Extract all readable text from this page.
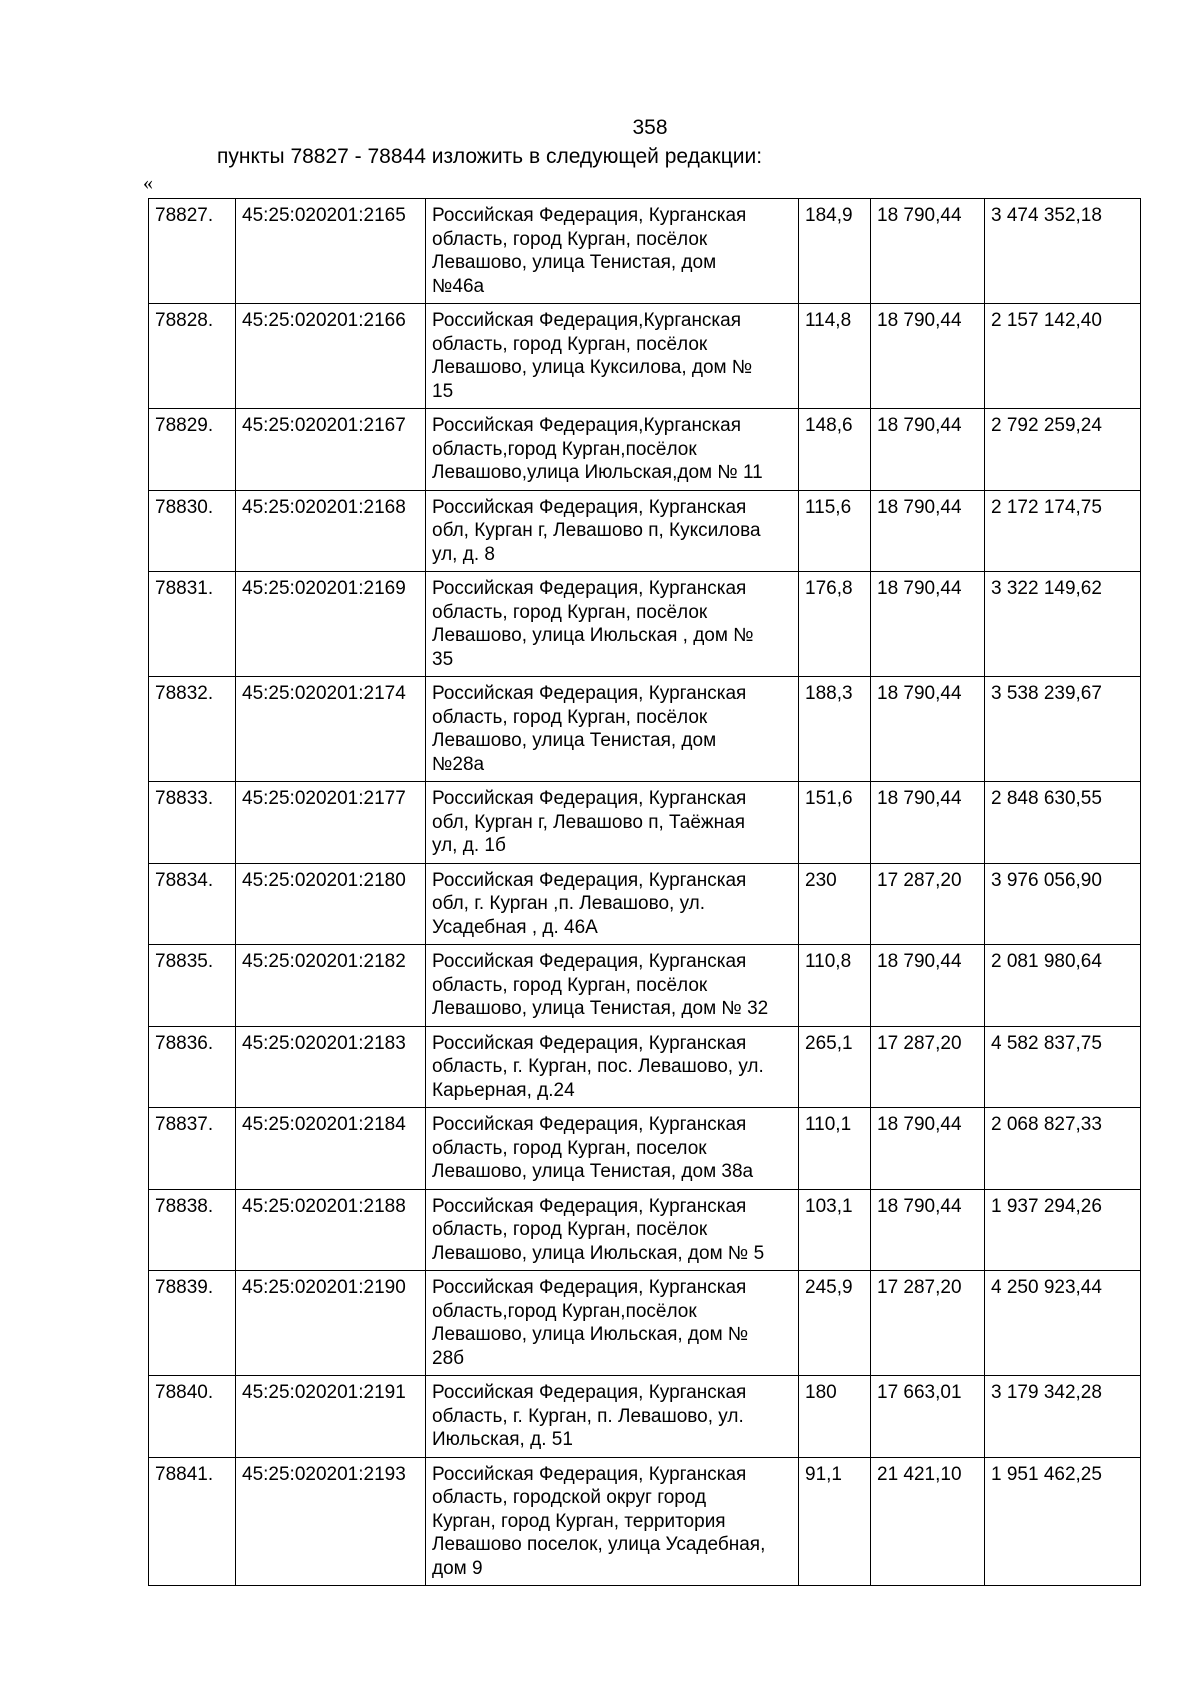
358
пункты 78827 - 78844 изложить в следующей редакции:
«
78827.	45:25:020201:2165	Российская Федерация, Курганская
область, город Курган, посёлок
Левашово, улица Тенистая, дом
№46а	184,9	18 790,44	3 474 352,18
78828.	45:25:020201:2166	Российская Федерация,Курганская
область, город Курган, посёлок
Левашово, улица Куксилова, дом №
15	114,8	18 790,44	2 157 142,40
78829.	45:25:020201:2167	Российская Федерация,Курганская
область,город Курган,посёлок
Левашово,улица Июльская,дом № 11	148,6	18 790,44	2 792 259,24
78830.	45:25:020201:2168	Российская Федерация, Курганская
обл, Курган г, Левашово п, Куксилова
ул, д. 8	115,6	18 790,44	2 172 174,75
78831.	45:25:020201:2169	Российская Федерация, Курганская
область, город Курган, посёлок
Левашово, улица Июльская , дом №
35	176,8	18 790,44	3 322 149,62
78832.	45:25:020201:2174	Российская Федерация, Курганская
область, город Курган, посёлок
Левашово, улица Тенистая, дом
№28а	188,3	18 790,44	3 538 239,67
78833.	45:25:020201:2177	Российская Федерация, Курганская
обл, Курган г, Левашово п, Таёжная
ул, д. 1б	151,6	18 790,44	2 848 630,55
78834.	45:25:020201:2180	Российская Федерация, Курганская
обл, г. Курган ,п. Левашово, ул.
Усадебная , д. 46А	230	17 287,20	3 976 056,90
78835.	45:25:020201:2182	Российская Федерация, Курганская
область, город Курган, посёлок
Левашово, улица Тенистая, дом № 32	110,8	18 790,44	2 081 980,64
78836.	45:25:020201:2183	Российская Федерация, Курганская
область, г. Курган, пос. Левашово, ул.
Карьерная, д.24	265,1	17 287,20	4 582 837,75
78837.	45:25:020201:2184	Российская Федерация, Курганская
область, город Курган, поселок
Левашово, улица Тенистая, дом 38а	110,1	18 790,44	2 068 827,33
78838.	45:25:020201:2188	Российская Федерация, Курганская
область, город Курган, посёлок
Левашово, улица Июльская, дом № 5	103,1	18 790,44	1 937 294,26
78839.	45:25:020201:2190	Российская Федерация, Курганская
область,город Курган,посёлок
Левашово, улица Июльская, дом №
28б	245,9	17 287,20	4 250 923,44
78840.	45:25:020201:2191	Российская Федерация, Курганская
область, г. Курган, п. Левашово, ул.
Июльская, д. 51	180	17 663,01	3 179 342,28
78841.	45:25:020201:2193	Российская Федерация, Курганская
область, городской округ город
Курган, город Курган, территория
Левашово поселок, улица Усадебная,
дом 9	91,1	21 421,10	1 951 462,25
